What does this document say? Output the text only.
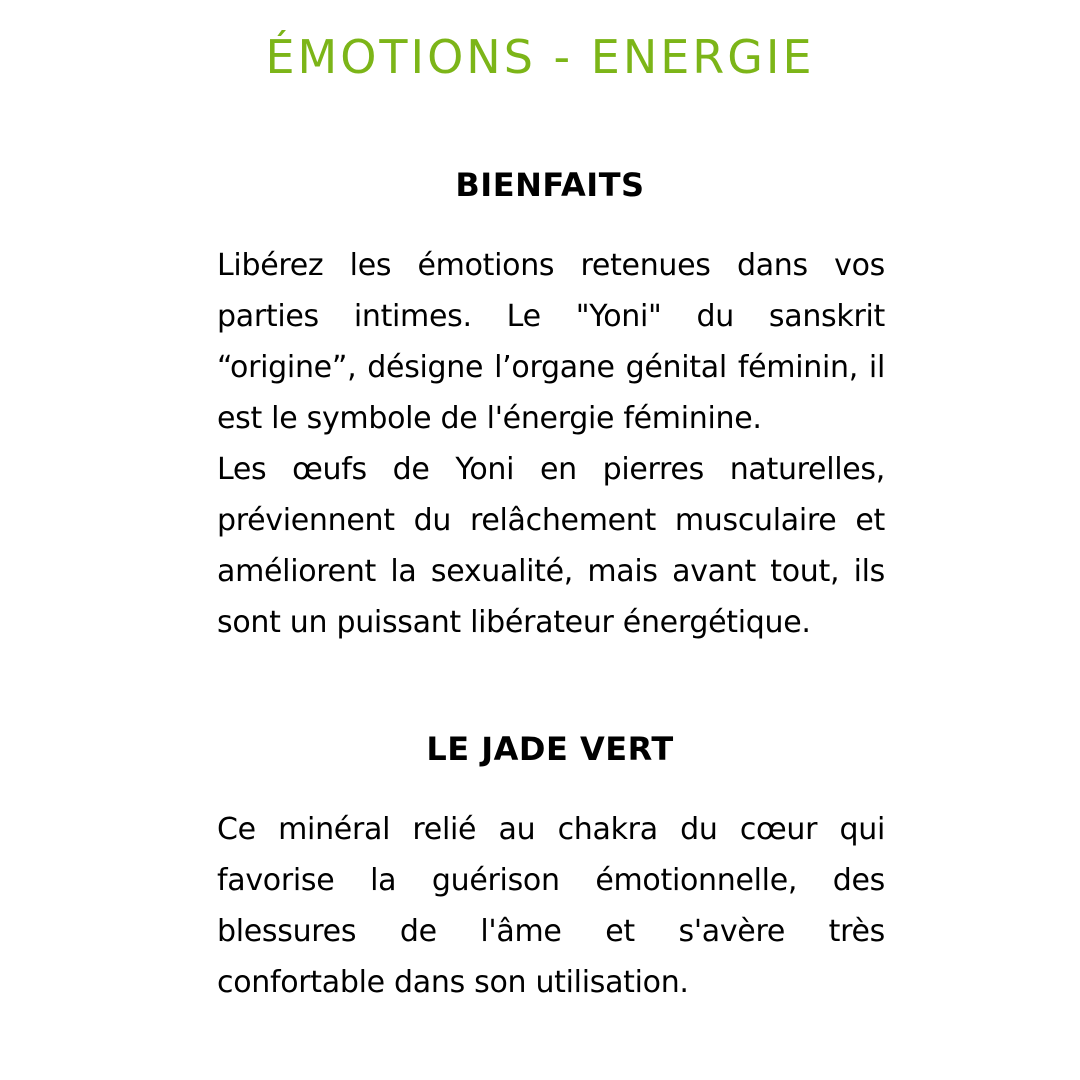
ÉMOTIONS - ENERGIE
BIENFAITS

Libérez les émotions retenues dans vos parties intimes. Le "Yoni" du sanskrit “origine”, désigne l’organe génital féminin, il est le symbole de l'énergie féminine.

Les œufs de Yoni en pierres naturelles, préviennent du relâchement musculaire et améliorent la sexualité, mais avant tout, ils sont un puissant libérateur énergétique.

LE JADE VERT

Ce minéral relié au chakra du cœur qui favorise la guérison émotionnelle, des blessures de l'âme et s'avère très confortable dans son utilisation.
